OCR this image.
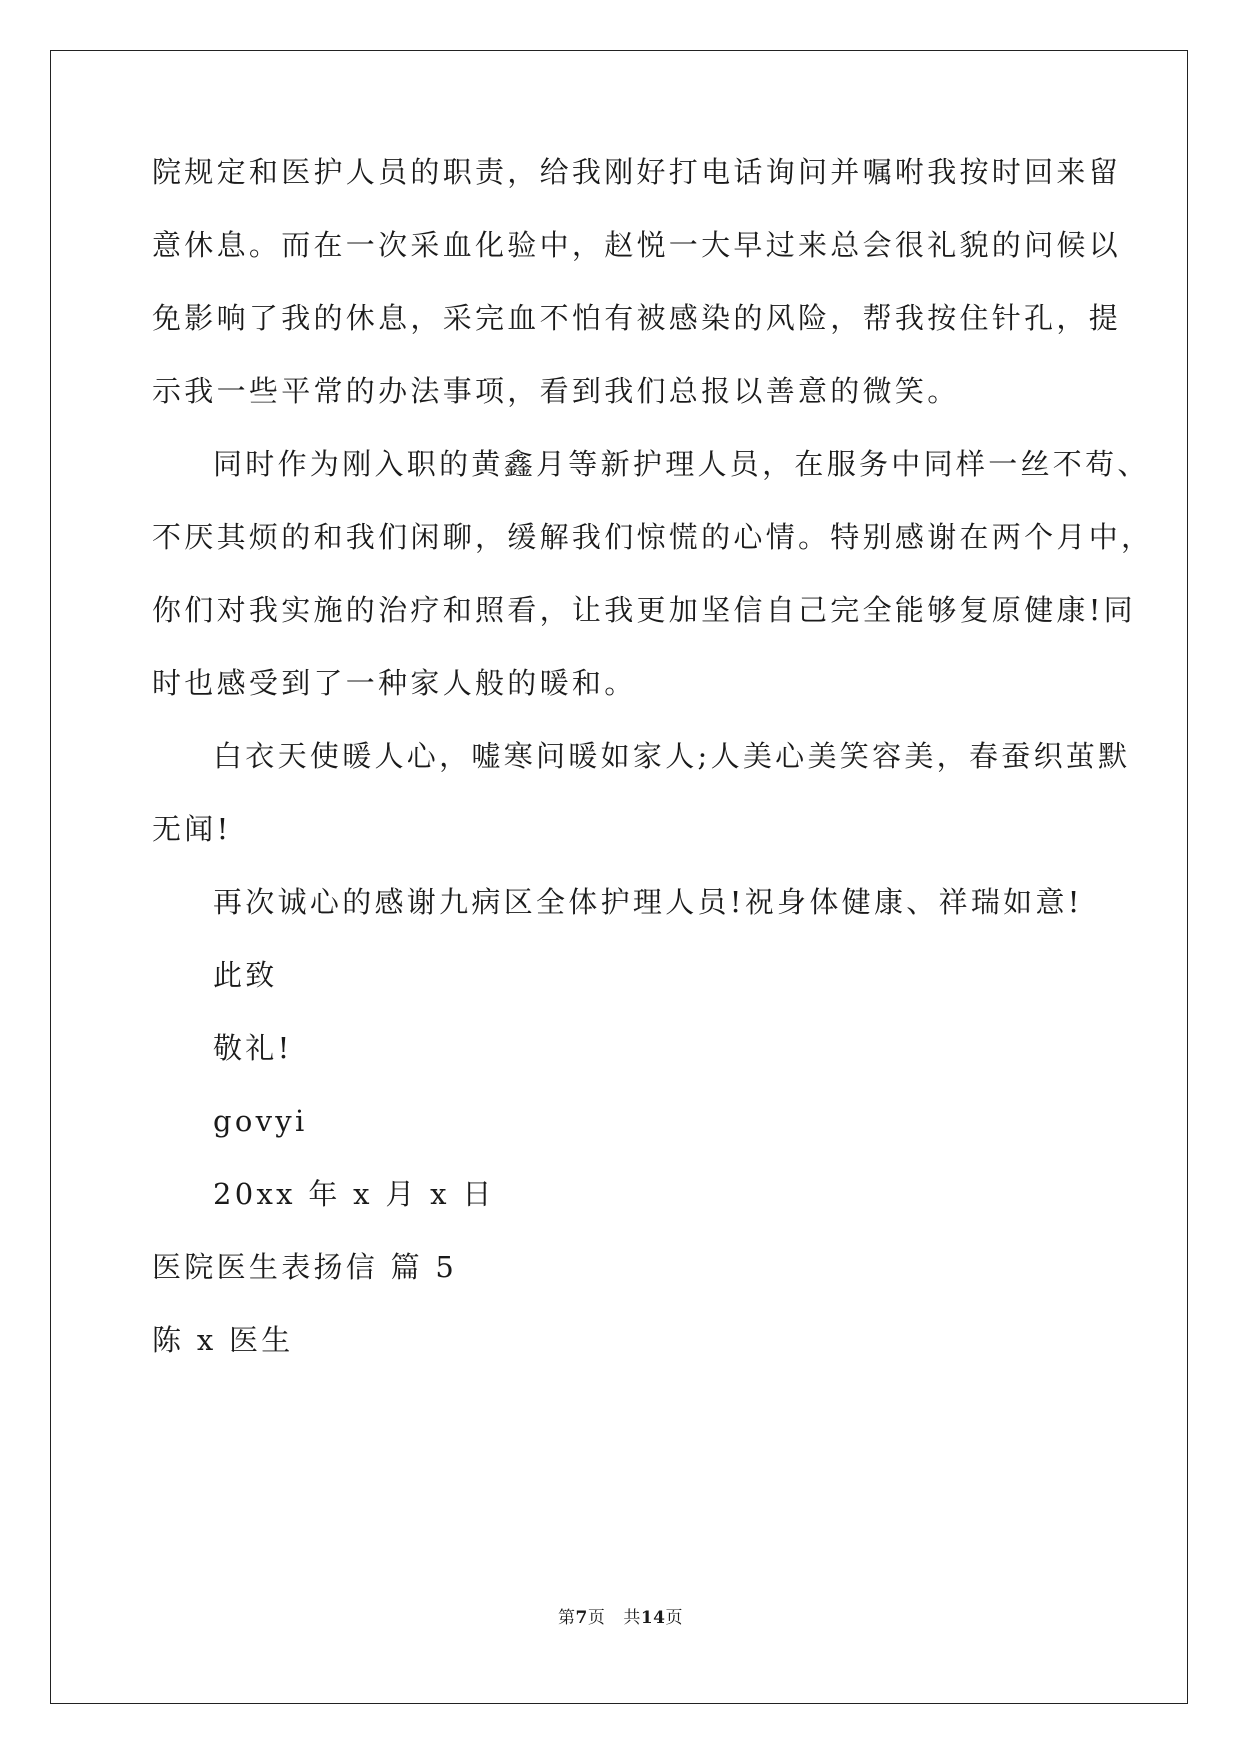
院规定和医护人员的职责，给我刚好打电话询问并嘱咐我按时回来留
意休息。而在一次采血化验中，赵悦一大早过来总会很礼貌的问候以
免影响了我的休息，采完血不怕有被感染的风险，帮我按住针孔，提
示我一些平常的办法事项，看到我们总报以善意的微笑。
同时作为刚入职的黄鑫月等新护理人员，在服务中同样一丝不苟、
不厌其烦的和我们闲聊，缓解我们惊慌的心情。特别感谢在两个月中，
你们对我实施的治疗和照看，让我更加坚信自己完全能够复原健康!同
时也感受到了一种家人般的暖和。
白衣天使暖人心，嘘寒问暖如家人;人美心美笑容美，春蚕织茧默
无闻!
再次诚心的感谢九病区全体护理人员!祝身体健康、祥瑞如意!
此致
敬礼!
govyi
20xx 年 x 月 x 日
医院医生表扬信 篇 5
陈 x 医生
第7页 共14页
